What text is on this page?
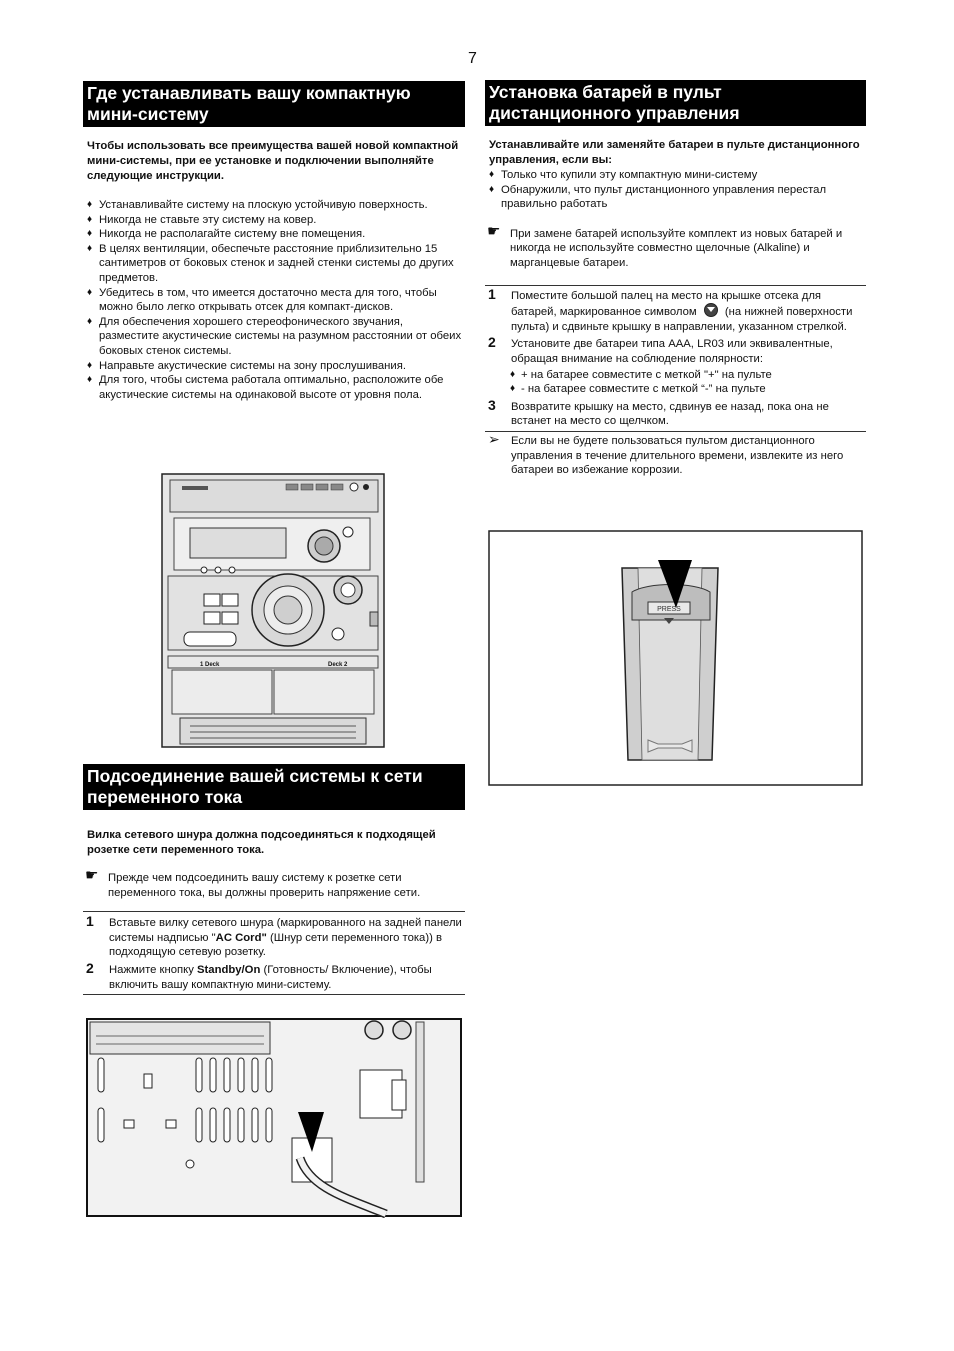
7
Где устанавливать вашу компактную мини-систему

Чтобы использовать все преимущества вашей новой компактной мини-системы, при ее установке и подключении выполняйте следующие инструкции.

♦ Устанавливайте систему на плоскую устойчивую поверхность.
♦ Никогда не ставьте эту систему на ковер.
♦ Никогда не располагайте систему вне помещения.
♦ В целях вентиляции, обеспечьте расстояние приблизительно 15 сантиметров от боковых стенок и задней стенки системы до других предметов.
♦ Убедитесь в том, что имеется достаточно места для того, чтобы можно было легко открывать отсек для компакт-дисков.
♦ Для обеспечения хорошего стереофонического звучания, разместите акустические системы на разумном расстоянии от обеих боковых стенок системы.
♦ Направьте акустические системы на зону прослушивания.
♦ Для того, чтобы система работала оптимально, расположите обе акустические системы на одинаковой высоте от уровня пола.
1 Deck	Deck 2
Подсоединение вашей системы к сети переменного тока

Вилка сетевого шнура должна подсоединяться к подходящей розетке сети переменного тока.

☛ Прежде чем подсоединить вашу систему к розетке сети переменного тока, вы должны проверить напряжение сети.
1 Вставьте вилку сетевого шнура (маркированного на задней панели системы надписью "AC Cord" (Шнур сети переменного тока)) в подходящую сетевую розетку.
2 Нажмите кнопку Standby/On (Готовность/ Включение), чтобы включить вашу компактную мини-систему.
Установка батарей в пульт дистанционного управления

Устанавливайте или заменяйте батареи в пульте дистанционного управления, если вы:

♦ Только что купили эту компактную мини-систему
♦ Обнаружили, что пульт дистанционного управления перестал правильно работать
☛ При замене батарей используйте комплект из новых батарей и никогда не используйте совместно щелочные (Alkaline) и марганцевые батареи.
1 Поместите большой палец на место на крышке отсека для батарей, маркированное символом	(на нижней поверхности пульта) и сдвиньте крышку в направлении, указанном стрелкой.
2 Установите две батареи типа AAA, LR03 или эквивалентные, обращая внимание на соблюдение полярности:
♦ + на батарее совместите с меткой "+" на пульте
♦ - на батарее совместите с меткой “-” на пульте
3 Возвратите крышку на место, сдвинув ее назад, пока она не встанет на место со щелчком.
➢ Если вы не будете пользоваться пультом дистанционного управления в течение длительного времени, извлеките из него батареи во избежание коррозии.
PRESS
